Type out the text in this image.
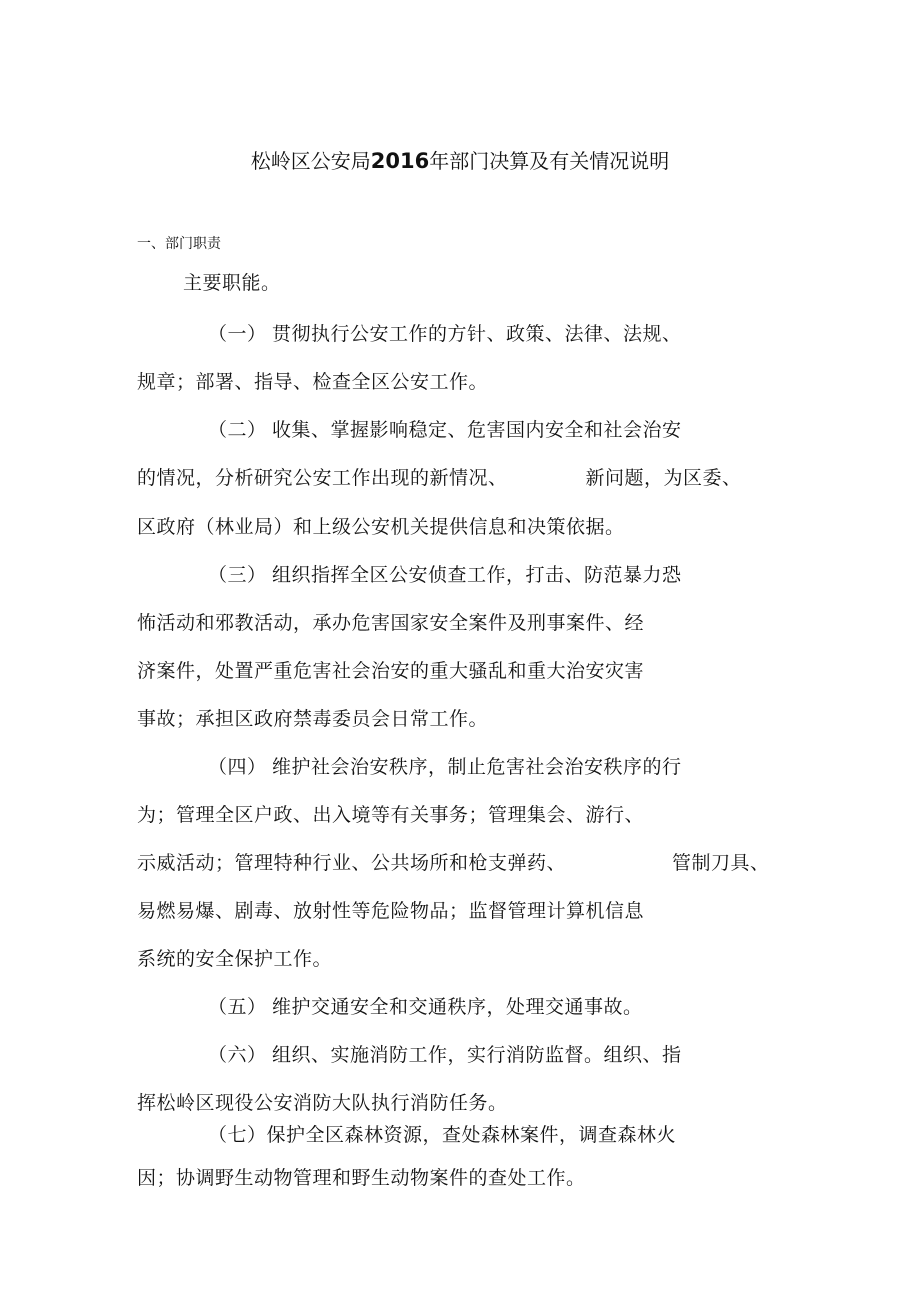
松岭区公安局2016年部门决算及有关情况说明
一、部门职责
主要职能。
（一） 贯彻执行公安工作的方针、政策、法律、法规、
规章；部署、指导、检查全区公安工作。
（二） 收集、掌握影响稳定、危害国内安全和社会治安
的情况，分析研究公安工作出现的新情况、	新问题，为区委、
区政府（林业局）和上级公安机关提供信息和决策依据。
（三） 组织指挥全区公安侦查工作，打击、防范暴力恐
怖活动和邪教活动，承办危害国家安全案件及刑事案件、经
济案件，处置严重危害社会治安的重大骚乱和重大治安灾害
事故；承担区政府禁毒委员会日常工作。
（四） 维护社会治安秩序，制止危害社会治安秩序的行
为；管理全区户政、出入境等有关事务；管理集会、游行、
示威活动；管理特种行业、公共场所和枪支弹药、	管制刀具、
易燃易爆、剧毒、放射性等危险物品；监督管理计算机信息
系统的安全保护工作。
（五） 维护交通安全和交通秩序，处理交通事故。
（六） 组织、实施消防工作，实行消防监督。组织、指
挥松岭区现役公安消防大队执行消防任务。
（七）保护全区森林资源，查处森林案件，调查森林火
因；协调野生动物管理和野生动物案件的查处工作。
